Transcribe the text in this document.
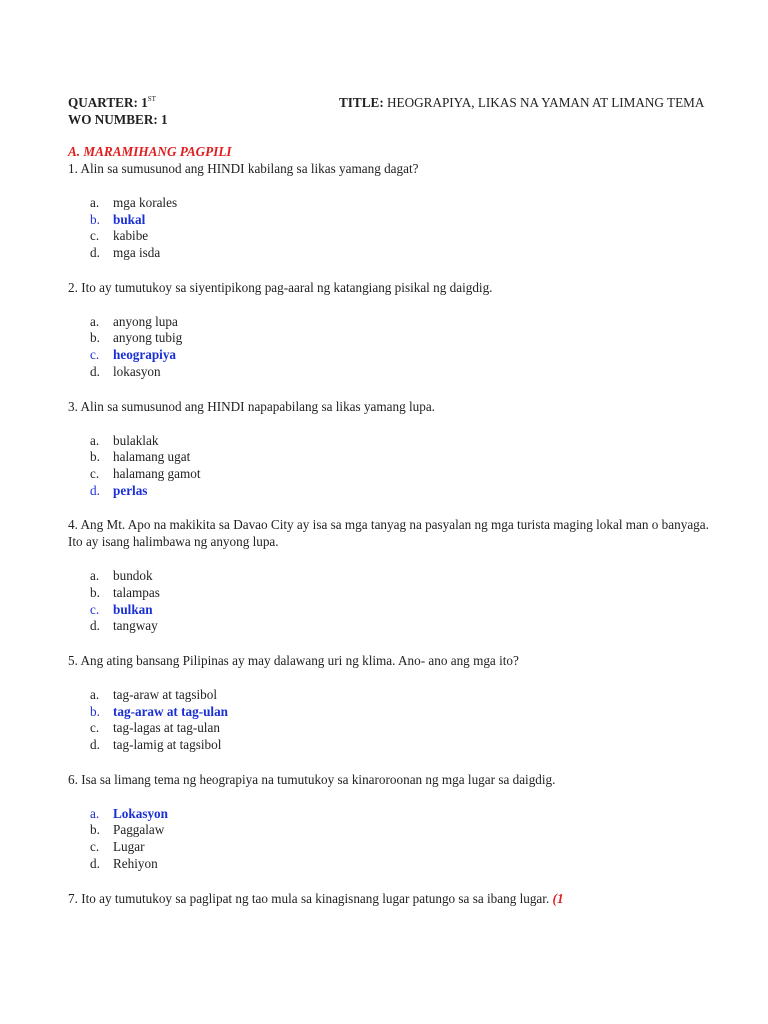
QUARTER: 1ST	TITLE: HEOGRAPIYA, LIKAS NA YAMAN AT LIMANG TEMA
WO NUMBER: 1
A. MARAMIHANG PAGPILI

1. Alin sa sumusunod ang HINDI kabilang sa likas yamang dagat?

a. mga korales
b. bukal
c. kabibe
d. mga isda

2. Ito ay tumutukoy sa siyentipikong pag-aaral ng katangiang pisikal ng daigdig.

a. anyong lupa
b. anyong tubig
c. heograpiya
d. lokasyon

3. Alin sa sumusunod ang HINDI napapabilang sa likas yamang lupa.

a. bulaklak
b. halamang ugat
c. halamang gamot
d. perlas

4. Ang Mt. Apo na makikita sa Davao City ay isa sa mga tanyag na pasyalan ng mga turista maging lokal man o banyaga. Ito ay isang halimbawa ng anyong lupa.

a. bundok
b. talampas
c. bulkan
d. tangway

5. Ang ating bansang Pilipinas ay may dalawang uri ng klima. Ano- ano ang mga ito?

a. tag-araw at tagsibol
b. tag-araw at tag-ulan
c. tag-lagas at tag-ulan
d. tag-lamig at tagsibol

6. Isa sa limang tema ng heograpiya na tumutukoy sa kinaroroonan ng mga lugar sa daigdig.

a. Lokasyon
b. Paggalaw
c. Lugar
d. Rehiyon

7. Ito ay tumutukoy sa paglipat ng tao mula sa kinagisnang lugar patungo sa sa ibang lugar. (1
